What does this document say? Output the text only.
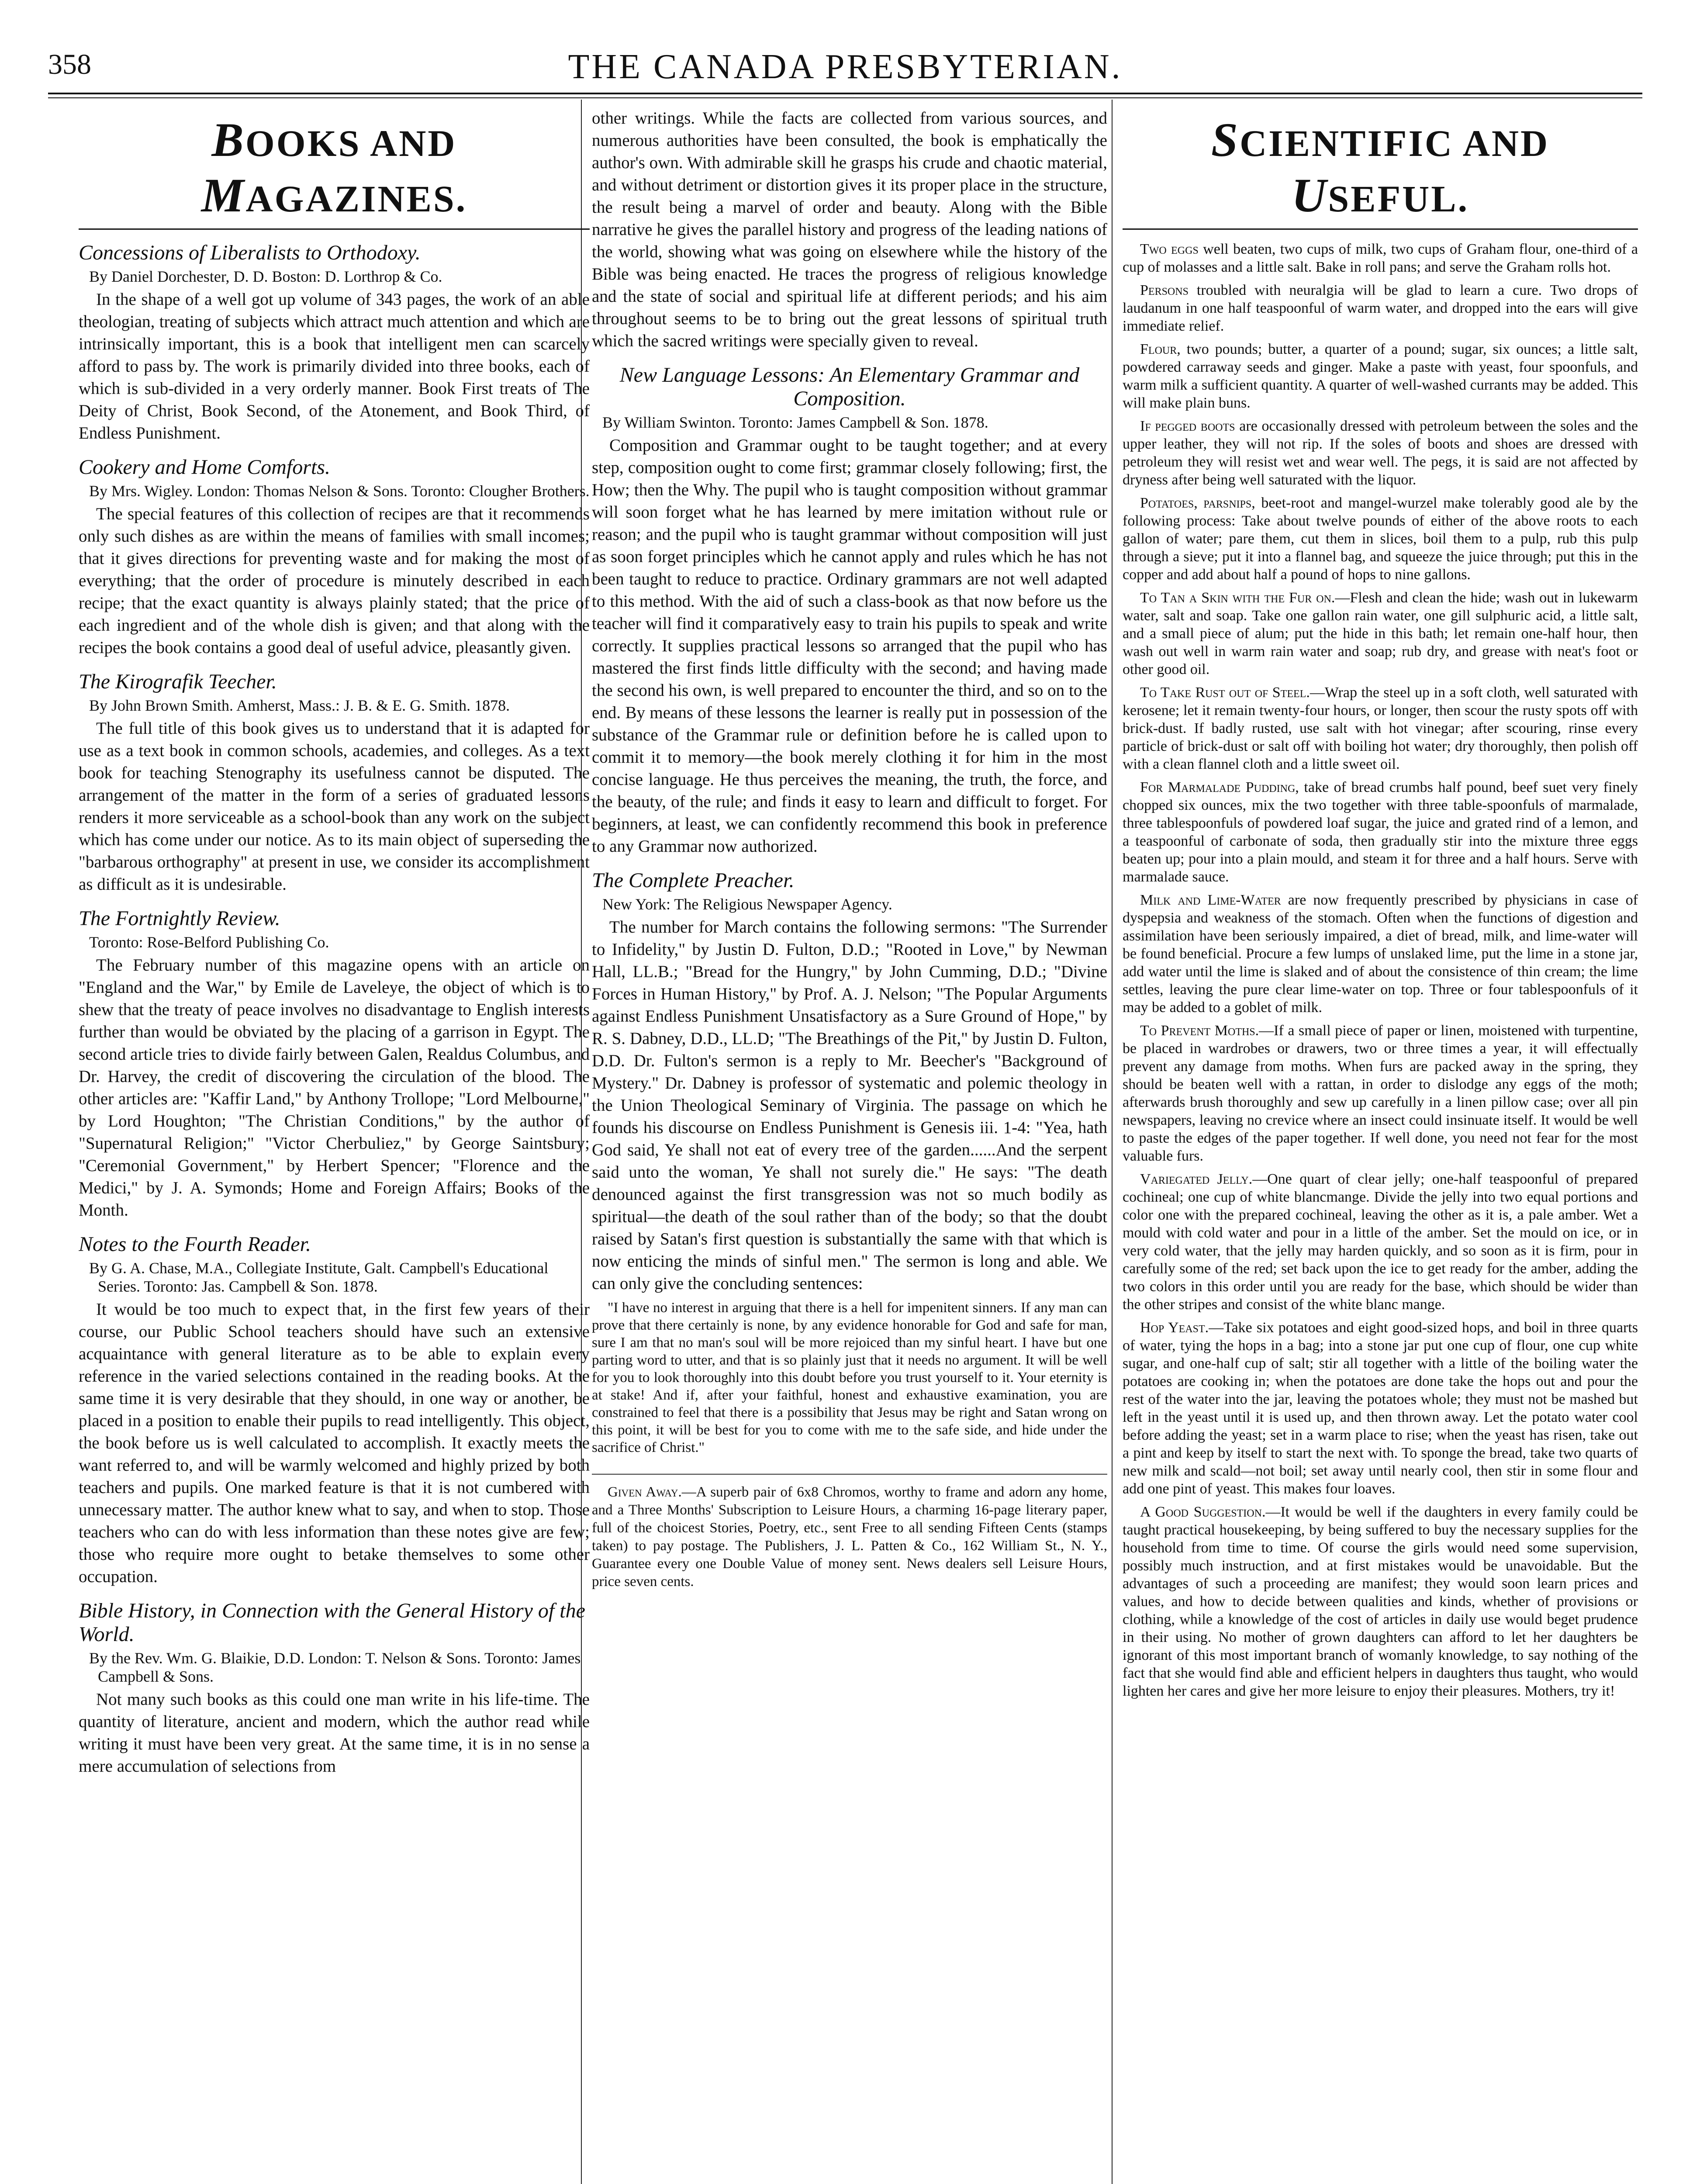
358	THE CANADA PRESBYTERIAN.
BOOKS AND MAGAZINES.
Concessions of Liberalists to Orthodoxy.
By Daniel Dorchester, D. D. Boston: D. Lorthrop & Co.
In the shape of a well got up volume of 343 pages, the work of an able theologian, treating of subjects which attract much attention and which are intrinsically important, this is a book that intelligent men can scarcely afford to pass by. The work is primarily divided into three books, each of which is sub-divided in a very orderly manner. Book First treats of The Deity of Christ, Book Second, of the Atonement, and Book Third, of Endless Punishment.
Cookery and Home Comforts.
By Mrs. Wigley. London: Thomas Nelson & Sons. Toronto: Clougher Brothers.
The special features of this collection of recipes are that it recommends only such dishes as are within the means of families with small incomes; that it gives directions for preventing waste and for making the most of everything; that the order of procedure is minutely described in each recipe; that the exact quantity is always plainly stated; that the price of each ingredient and of the whole dish is given; and that along with the recipes the book contains a good deal of useful advice, pleasantly given.
The Kirografik Teecher.
By John Brown Smith. Amherst, Mass.: J. B. & E. G. Smith. 1878.
The full title of this book gives us to understand that it is adapted for use as a text book in common schools, academies, and colleges. As a text book for teaching Stenography its usefulness cannot be disputed. The arrangement of the matter in the form of a series of graduated lessons renders it more serviceable as a school-book than any work on the subject which has come under our notice. As to its main object of superseding the "barbarous orthography" at present in use, we consider its accomplishment as difficult as it is undesirable.
The Fortnightly Review.
Toronto: Rose-Belford Publishing Co.
The February number of this magazine opens with an article on "England and the War," by Emile de Laveleye, the object of which is to shew that the treaty of peace involves no disadvantage to English interests further than would be obviated by the placing of a garrison in Egypt. The second article tries to divide fairly between Galen, Realdus Columbus, and Dr. Harvey, the credit of discovering the circulation of the blood. The other articles are: "Kaffir Land," by Anthony Trollope; "Lord Melbourne," by Lord Houghton; "The Christian Conditions," by the author of "Supernatural Religion;" "Victor Cherbuliez," by George Saintsbury; "Ceremonial Government," by Herbert Spencer; "Florence and the Medici," by J. A. Symonds; Home and Foreign Affairs; Books of the Month.
Notes to the Fourth Reader.
By G. A. Chase, M.A., Collegiate Institute, Galt. Campbell's Educational Series. Toronto: Jas. Campbell & Son. 1878.
It would be too much to expect that, in the first few years of their course, our Public School teachers should have such an extensive acquaintance with general literature as to be able to explain every reference in the varied selections contained in the reading books. At the same time it is very desirable that they should, in one way or another, be placed in a position to enable their pupils to read intelligently. This object, the book before us is well calculated to accomplish. It exactly meets the want referred to, and will be warmly welcomed and highly prized by both teachers and pupils. One marked feature is that it is not cumbered with unnecessary matter. The author knew what to say, and when to stop. Those teachers who can do with less information than these notes give are few; those who require more ought to betake themselves to some other occupation.
Bible History, in Connection with the General History of the World.
By the Rev. Wm. G. Blaikie, D.D. London: T. Nelson & Sons. Toronto: James Campbell & Sons.
Not many such books as this could one man write in his life-time. The quantity of literature, ancient and modern, which the author read while writing it must have been very great. At the same time, it is in no sense a mere accumulation of selections from
other writings. While the facts are collected from various sources, and numerous authorities have been consulted, the book is emphatically the author's own. With admirable skill he grasps his crude and chaotic material, and without detriment or distortion gives it its proper place in the structure, the result being a marvel of order and beauty. Along with the Bible narrative he gives the parallel history and progress of the leading nations of the world, showing what was going on elsewhere while the history of the Bible was being enacted. He traces the progress of religious knowledge and the state of social and spiritual life at different periods; and his aim throughout seems to be to bring out the great lessons of spiritual truth which the sacred writings were specially given to reveal.
New Language Lessons: An Elementary Grammar and Composition.
By William Swinton. Toronto: James Campbell & Son. 1878.
Composition and Grammar ought to be taught together; and at every step, composition ought to come first; grammar closely following; first, the How; then the Why. The pupil who is taught composition without grammar will soon forget what he has learned by mere imitation without rule or reason; and the pupil who is taught grammar without composition will just as soon forget principles which he cannot apply and rules which he has not been taught to reduce to practice. Ordinary grammars are not well adapted to this method. With the aid of such a class-book as that now before us the teacher will find it comparatively easy to train his pupils to speak and write correctly. It supplies practical lessons so arranged that the pupil who has mastered the first finds little difficulty with the second; and having made the second his own, is well prepared to encounter the third, and so on to the end. By means of these lessons the learner is really put in possession of the substance of the Grammar rule or definition before he is called upon to commit it to memory—the book merely clothing it for him in the most concise language. He thus perceives the meaning, the truth, the force, and the beauty, of the rule; and finds it easy to learn and difficult to forget. For beginners, at least, we can confidently recommend this book in preference to any Grammar now authorized.
The Complete Preacher.
New York: The Religious Newspaper Agency.
The number for March contains the following sermons: "The Surrender to Infidelity," by Justin D. Fulton, D.D.; "Rooted in Love," by Newman Hall, LL.B.; "Bread for the Hungry," by John Cumming, D.D.; "Divine Forces in Human History," by Prof. A. J. Nelson; "The Popular Arguments against Endless Punishment Unsatisfactory as a Sure Ground of Hope," by R. S. Dabney, D.D., LL.D; "The Breathings of the Pit," by Justin D. Fulton, D.D. Dr. Fulton's sermon is a reply to Mr. Beecher's "Background of Mystery." Dr. Dabney is professor of systematic and polemic theology in the Union Theological Seminary of Virginia. The passage on which he founds his discourse on Endless Punishment is Genesis iii. 1-4: "Yea, hath God said, Ye shall not eat of every tree of the garden......And the serpent said unto the woman, Ye shall not surely die." He says: "The death denounced against the first transgression was not so much bodily as spiritual—the death of the soul rather than of the body; so that the doubt raised by Satan's first question is substantially the same with that which is now enticing the minds of sinful men." The sermon is long and able. We can only give the concluding sentences:
"I have no interest in arguing that there is a hell for impenitent sinners. If any man can prove that there certainly is none, by any evidence honorable for God and safe for man, sure I am that no man's soul will be more rejoiced than my sinful heart. I have but one parting word to utter, and that is so plainly just that it needs no argument. It will be well for you to look thoroughly into this doubt before you trust yourself to it. Your eternity is at stake! And if, after your faithful, honest and exhaustive examination, you are constrained to feel that there is a possibility that Jesus may be right and Satan wrong on this point, it will be best for you to come with me to the safe side, and hide under the sacrifice of Christ."
Given Away.—A superb pair of 6x8 Chromos, worthy to frame and adorn any home, and a Three Months' Subscription to Leisure Hours, a charming 16-page literary paper, full of the choicest Stories, Poetry, etc., sent Free to all sending Fifteen Cents (stamps taken) to pay postage. The Publishers, J. L. Patten & Co., 162 William St., N. Y., Guarantee every one Double Value of money sent. News dealers sell Leisure Hours, price seven cents.
SCIENTIFIC AND USEFUL.
Two eggs well beaten, two cups of milk, two cups of Graham flour, one-third of a cup of molasses and a little salt. Bake in roll pans; and serve the Graham rolls hot.
Persons troubled with neuralgia will be glad to learn a cure. Two drops of laudanum in one half teaspoonful of warm water, and dropped into the ears will give immediate relief.
Flour, two pounds; butter, a quarter of a pound; sugar, six ounces; a little salt, powdered carraway seeds and ginger. Make a paste with yeast, four spoonfuls, and warm milk a sufficient quantity. A quarter of well-washed currants may be added. This will make plain buns.
If pegged boots are occasionally dressed with petroleum between the soles and the upper leather, they will not rip. If the soles of boots and shoes are dressed with petroleum they will resist wet and wear well. The pegs, it is said are not affected by dryness after being well saturated with the liquor.
Potatoes, parsnips, beet-root and mangel-wurzel make tolerably good ale by the following process: Take about twelve pounds of either of the above roots to each gallon of water; pare them, cut them in slices, boil them to a pulp, rub this pulp through a sieve; put it into a flannel bag, and squeeze the juice through; put this in the copper and add about half a pound of hops to nine gallons.
To Tan a Skin with the Fur on.—Flesh and clean the hide; wash out in lukewarm water, salt and soap. Take one gallon rain water, one gill sulphuric acid, a little salt, and a small piece of alum; put the hide in this bath; let remain one-half hour, then wash out well in warm rain water and soap; rub dry, and grease with neat's foot or other good oil.
To Take Rust out of Steel.—Wrap the steel up in a soft cloth, well saturated with kerosene; let it remain twenty-four hours, or longer, then scour the rusty spots off with brick-dust. If badly rusted, use salt with hot vinegar; after scouring, rinse every particle of brick-dust or salt off with boiling hot water; dry thoroughly, then polish off with a clean flannel cloth and a little sweet oil.
For Marmalade Pudding, take of bread crumbs half pound, beef suet very finely chopped six ounces, mix the two together with three table-spoonfuls of marmalade, three tablespoonfuls of powdered loaf sugar, the juice and grated rind of a lemon, and a teaspoonful of carbonate of soda, then gradually stir into the mixture three eggs beaten up; pour into a plain mould, and steam it for three and a half hours. Serve with marmalade sauce.
Milk and Lime-Water are now frequently prescribed by physicians in case of dyspepsia and weakness of the stomach. Often when the functions of digestion and assimilation have been seriously impaired, a diet of bread, milk, and lime-water will be found beneficial. Procure a few lumps of unslaked lime, put the lime in a stone jar, add water until the lime is slaked and of about the consistence of thin cream; the lime settles, leaving the pure clear lime-water on top. Three or four tablespoonfuls of it may be added to a goblet of milk.
To Prevent Moths.—If a small piece of paper or linen, moistened with turpentine, be placed in wardrobes or drawers, two or three times a year, it will effectually prevent any damage from moths. When furs are packed away in the spring, they should be beaten well with a rattan, in order to dislodge any eggs of the moth; afterwards brush thoroughly and sew up carefully in a linen pillow case; over all pin newspapers, leaving no crevice where an insect could insinuate itself. It would be well to paste the edges of the paper together. If well done, you need not fear for the most valuable furs.
Variegated Jelly.—One quart of clear jelly; one-half teaspoonful of prepared cochineal; one cup of white blancmange. Divide the jelly into two equal portions and color one with the prepared cochineal, leaving the other as it is, a pale amber. Wet a mould with cold water and pour in a little of the amber. Set the mould on ice, or in very cold water, that the jelly may harden quickly, and so soon as it is firm, pour in carefully some of the red; set back upon the ice to get ready for the amber, adding the two colors in this order until you are ready for the base, which should be wider than the other stripes and consist of the white blanc mange.
Hop Yeast.—Take six potatoes and eight good-sized hops, and boil in three quarts of water, tying the hops in a bag; into a stone jar put one cup of flour, one cup white sugar, and one-half cup of salt; stir all together with a little of the boiling water the potatoes are cooking in; when the potatoes are done take the hops out and pour the rest of the water into the jar, leaving the potatoes whole; they must not be mashed but left in the yeast until it is used up, and then thrown away. Let the potato water cool before adding the yeast; set in a warm place to rise; when the yeast has risen, take out a pint and keep by itself to start the next with. To sponge the bread, take two quarts of new milk and scald—not boil; set away until nearly cool, then stir in some flour and add one pint of yeast. This makes four loaves.
A Good Suggestion.—It would be well if the daughters in every family could be taught practical housekeeping, by being suffered to buy the necessary supplies for the household from time to time. Of course the girls would need some supervision, possibly much instruction, and at first mistakes would be unavoidable. But the advantages of such a proceeding are manifest; they would soon learn prices and values, and how to decide between qualities and kinds, whether of provisions or clothing, while a knowledge of the cost of articles in daily use would beget prudence in their using. No mother of grown daughters can afford to let her daughters be ignorant of this most important branch of womanly knowledge, to say nothing of the fact that she would find able and efficient helpers in daughters thus taught, who would lighten her cares and give her more leisure to enjoy their pleasures. Mothers, try it!
